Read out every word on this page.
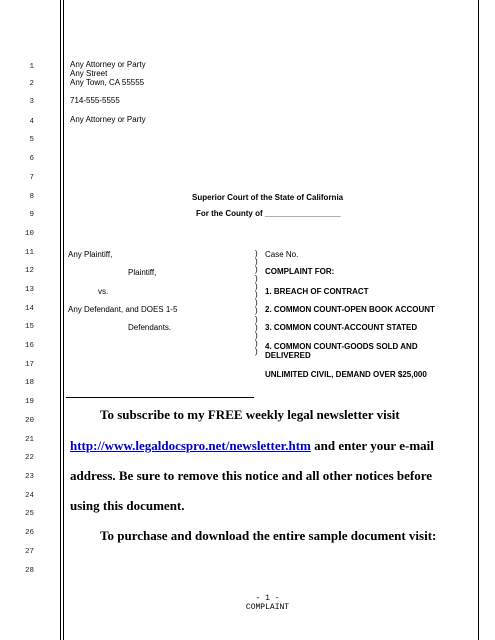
1
2
3
4
5
6
7
8
9
10
11
12
13
14
15
16
17
18
19
20
21
22
23
24
25
26
27
28
Any Attorney or Party
Any Street
Any Town, CA 55555
714-555-5555
Any Attorney or Party
Superior Court of the State of California
For the County of _________________
Any Plaintiff,
Plaintiff,
vs.
Any Defendant, and DOES 1-5
Defendants.
)
)
)
)
)
)
)
)
)
)
)
)
)
Case No.
COMPLAINT FOR:
1. BREACH OF CONTRACT
2. COMMON COUNT-OPEN BOOK ACCOUNT
3. COMMON COUNT-ACCOUNT STATED
4. COMMON COUNT-GOODS SOLD AND
DELIVERED
UNLIMITED CIVIL, DEMAND OVER $25,000
To subscribe to my FREE weekly legal newsletter visit
http://www.legaldocspro.net/newsletter.htm and enter your e-mail
address. Be sure to remove this notice and all other notices before
using this document.
To purchase and download the entire sample document visit:
- 1 -
COMPLAINT
